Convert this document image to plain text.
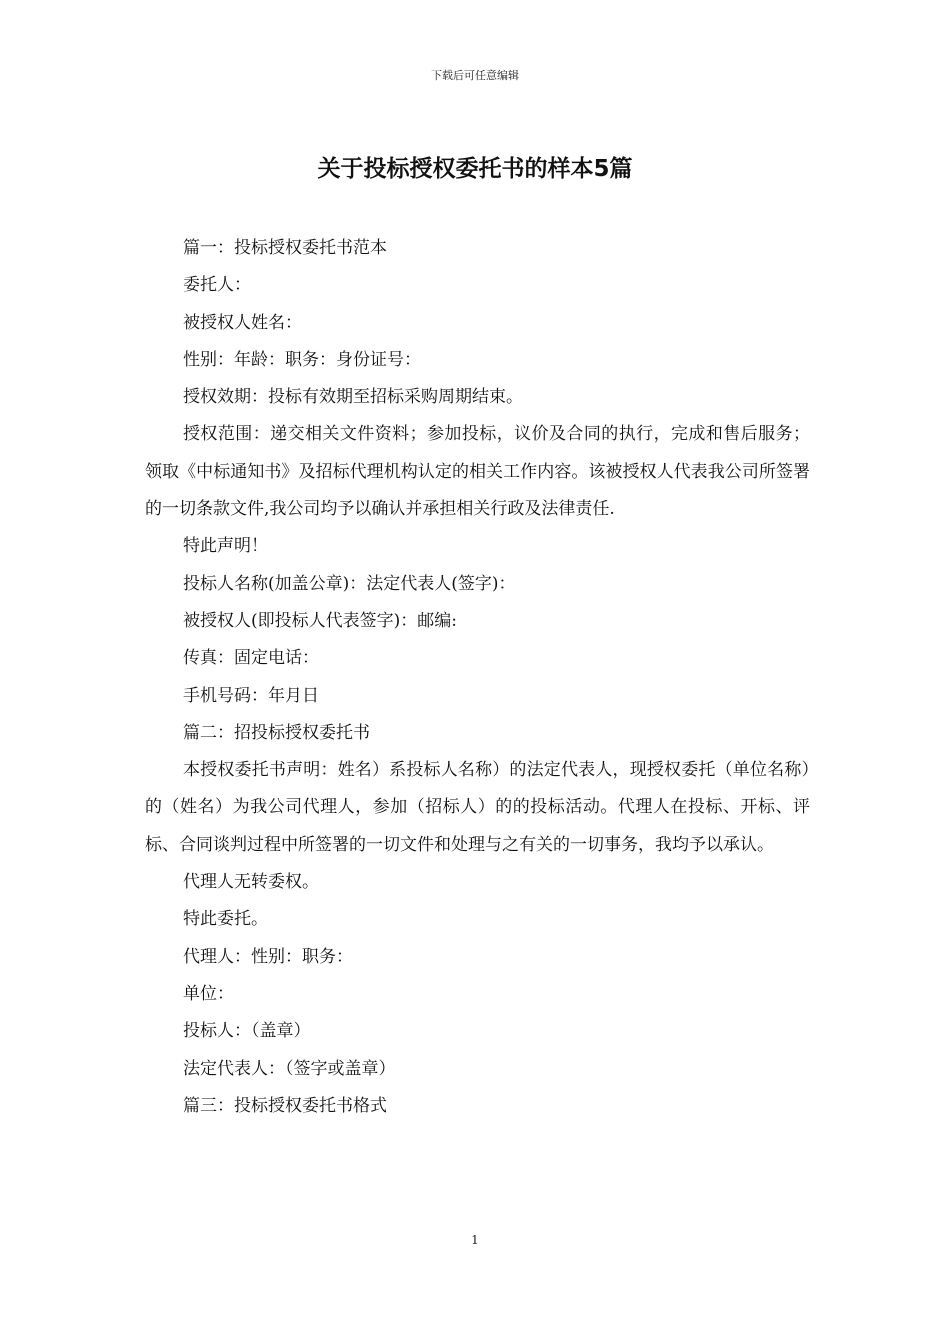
下载后可任意编辑
关于投标授权委托书的样本5篇

篇一：投标授权委托书范本

委托人：

被授权人姓名：

性别：年龄：职务：身份证号：

授权效期：投标有效期至招标采购周期结束。

授权范围：递交相关文件资料；参加投标，议价及合同的执行，完成和售后服务；领取《中标通知书》及招标代理机构认定的相关工作内容。该被授权人代表我公司所签署的一切条款文件,我公司均予以确认并承担相关行政及法律责任.

特此声明！

投标人名称(加盖公章)：法定代表人(签字)：

被授权人(即投标人代表签字)：邮编:

传真：固定电话：

手机号码：年月日

篇二：招投标授权委托书

本授权委托书声明：姓名）系投标人名称）的法定代表人，现授权委托（单位名称）的（姓名）为我公司代理人，参加（招标人）的的投标活动。代理人在投标、开标、评标、合同谈判过程中所签署的一切文件和处理与之有关的一切事务，我均予以承认。

代理人无转委权。

特此委托。

代理人：性别：职务：

单位：

投标人：（盖章）

法定代表人：（签字或盖章）

篇三：投标授权委托书格式

1
